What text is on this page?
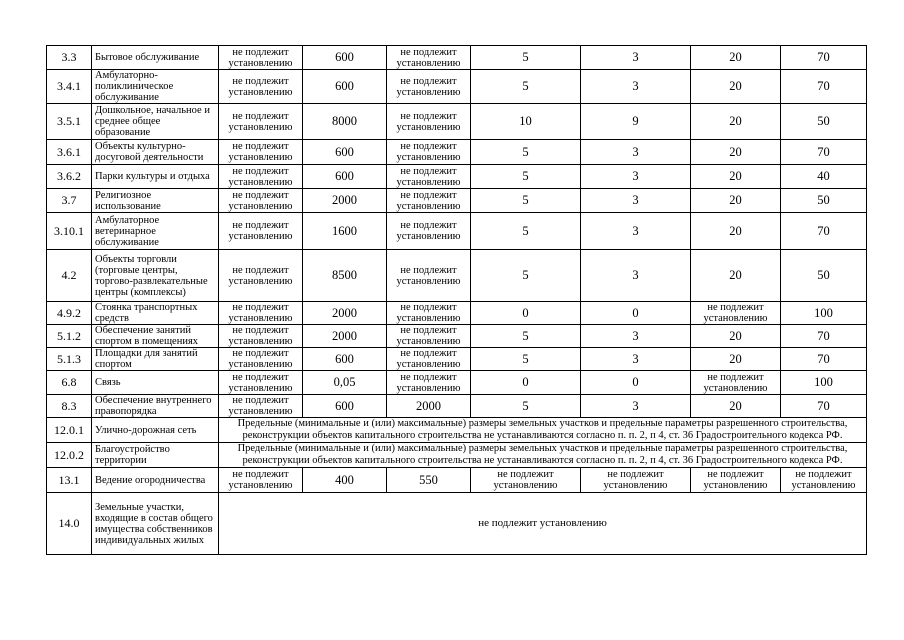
3.3	Бытовое обслуживание	не подлежит установлению	600	не подлежит установлению	5	3	20	70
3.4.1	Амбулаторно-поликлиническое обслуживание	не подлежит установлению	600	не подлежит установлению	5	3	20	70
3.5.1	Дошкольное, начальное и среднее общее образование	не подлежит установлению	8000	не подлежит установлению	10	9	20	50
3.6.1	Объекты культурно-досуговой деятельности	не подлежит установлению	600	не подлежит установлению	5	3	20	70
3.6.2	Парки культуры и отдыха	не подлежит установлению	600	не подлежит установлению	5	3	20	40
3.7	Религиозное использование	не подлежит установлению	2000	не подлежит установлению	5	3	20	50
3.10.1	Амбулаторное ветеринарное обслуживание	не подлежит установлению	1600	не подлежит установлению	5	3	20	70
4.2	Объекты торговли (торговые центры, торгово-развлекательные центры (комплексы)	не подлежит установлению	8500	не подлежит установлению	5	3	20	50
4.9.2	Стоянка транспортных средств	не подлежит установлению	2000	не подлежит установлению	0	0	не подлежит установлению	100
5.1.2	Обеспечение занятий спортом в помещениях	не подлежит установлению	2000	не подлежит установлению	5	3	20	70
5.1.3	Площадки для занятий спортом	не подлежит установлению	600	не подлежит установлению	5	3	20	70
6.8	Связь	не подлежит установлению	0,05	не подлежит установлению	0	0	не подлежит установлению	100
8.3	Обеспечение внутреннего правопорядка	не подлежит установлению	600	2000	5	3	20	70
12.0.1	Улично-дорожная сеть	Предельные (минимальные и (или) максимальные) размеры земельных участков и предельные параметры разрешенного строительства, реконструкции объектов капитального строительства не устанавливаются согласно п. п. 2, п 4, ст. 36 Градостроительного кодекса РФ.						
12.0.2	Благоустройство территории	Предельные (минимальные и (или) максимальные) размеры земельных участков и предельные параметры разрешенного строительства, реконструкции объектов капитального строительства не устанавливаются согласно п. п. 2, п 4, ст. 36 Градостроительного кодекса РФ.						
13.1	Ведение огородничества	не подлежит установлению	400	550	не подлежит установлению	не подлежит установлению	не подлежит установлению	не подлежит установлению
14.0	Земельные участки, входящие в состав общего имущества собственников индивидуальных жилых	не подлежит установлению						
